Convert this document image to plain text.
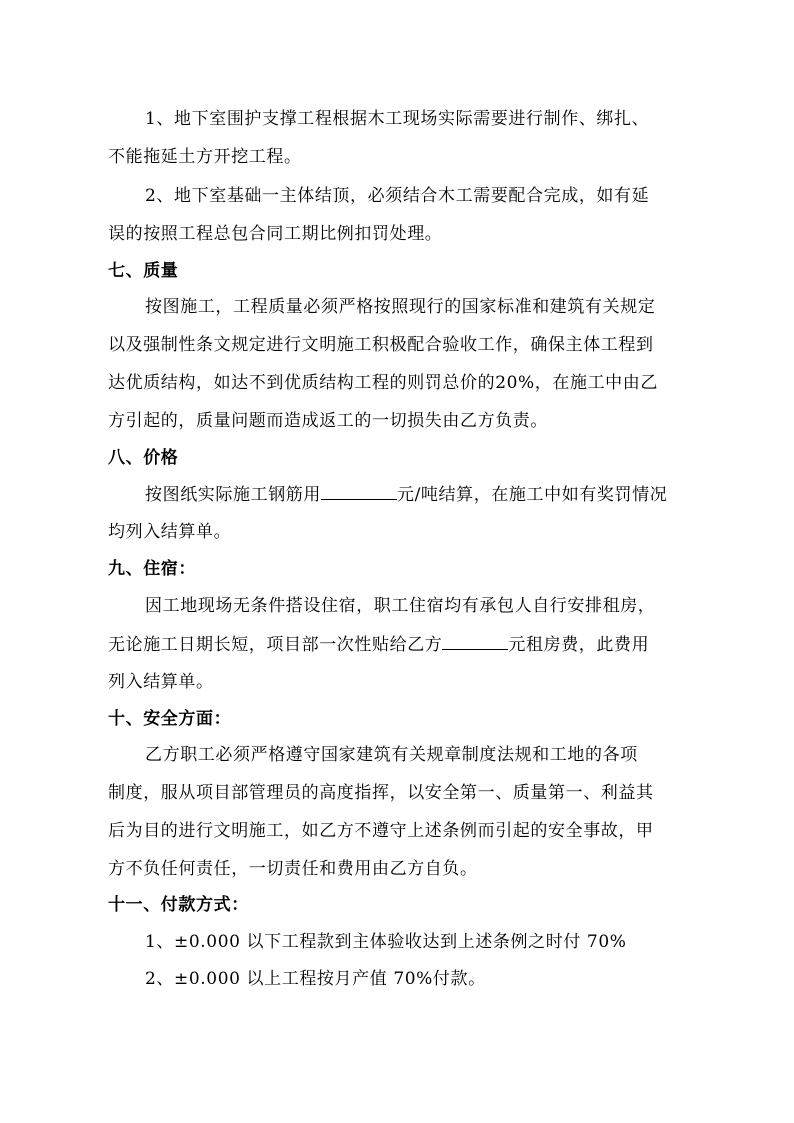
1、地下室围护支撑工程根据木工现场实际需要进行制作、绑扎、
不能拖延土方开挖工程。
2、地下室基础一主体结顶，必须结合木工需要配合完成，如有延
误的按照工程总包合同工期比例扣罚处理。
七、质量
按图施工，工程质量必须严格按照现行的国家标准和建筑有关规定
以及强制性条文规定进行文明施工积极配合验收工作，确保主体工程到
达优质结构，如达不到优质结构工程的则罚总价的20%，在施工中由乙
方引起的，质量问题而造成返工的一切损失由乙方负责。
八、价格
按图纸实际施工钢筋用	元/吨结算，在施工中如有奖罚情况
均列入结算单。
九、住宿：
因工地现场无条件搭设住宿，职工住宿均有承包人自行安排租房，
无论施工日期长短，项目部一次性贴给乙方	元租房费，此费用
列入结算单。
十、安全方面：
乙方职工必须严格遵守国家建筑有关规章制度法规和工地的各项
制度，服从项目部管理员的高度指挥，以安全第一、质量第一、利益其
后为目的进行文明施工，如乙方不遵守上述条例而引起的安全事故，甲
方不负任何责任，一切责任和费用由乙方自负。
十一、付款方式：
1、±0.000 以下工程款到主体验收达到上述条例之时付 70%
2、±0.000 以上工程按月产值 70%付款。
